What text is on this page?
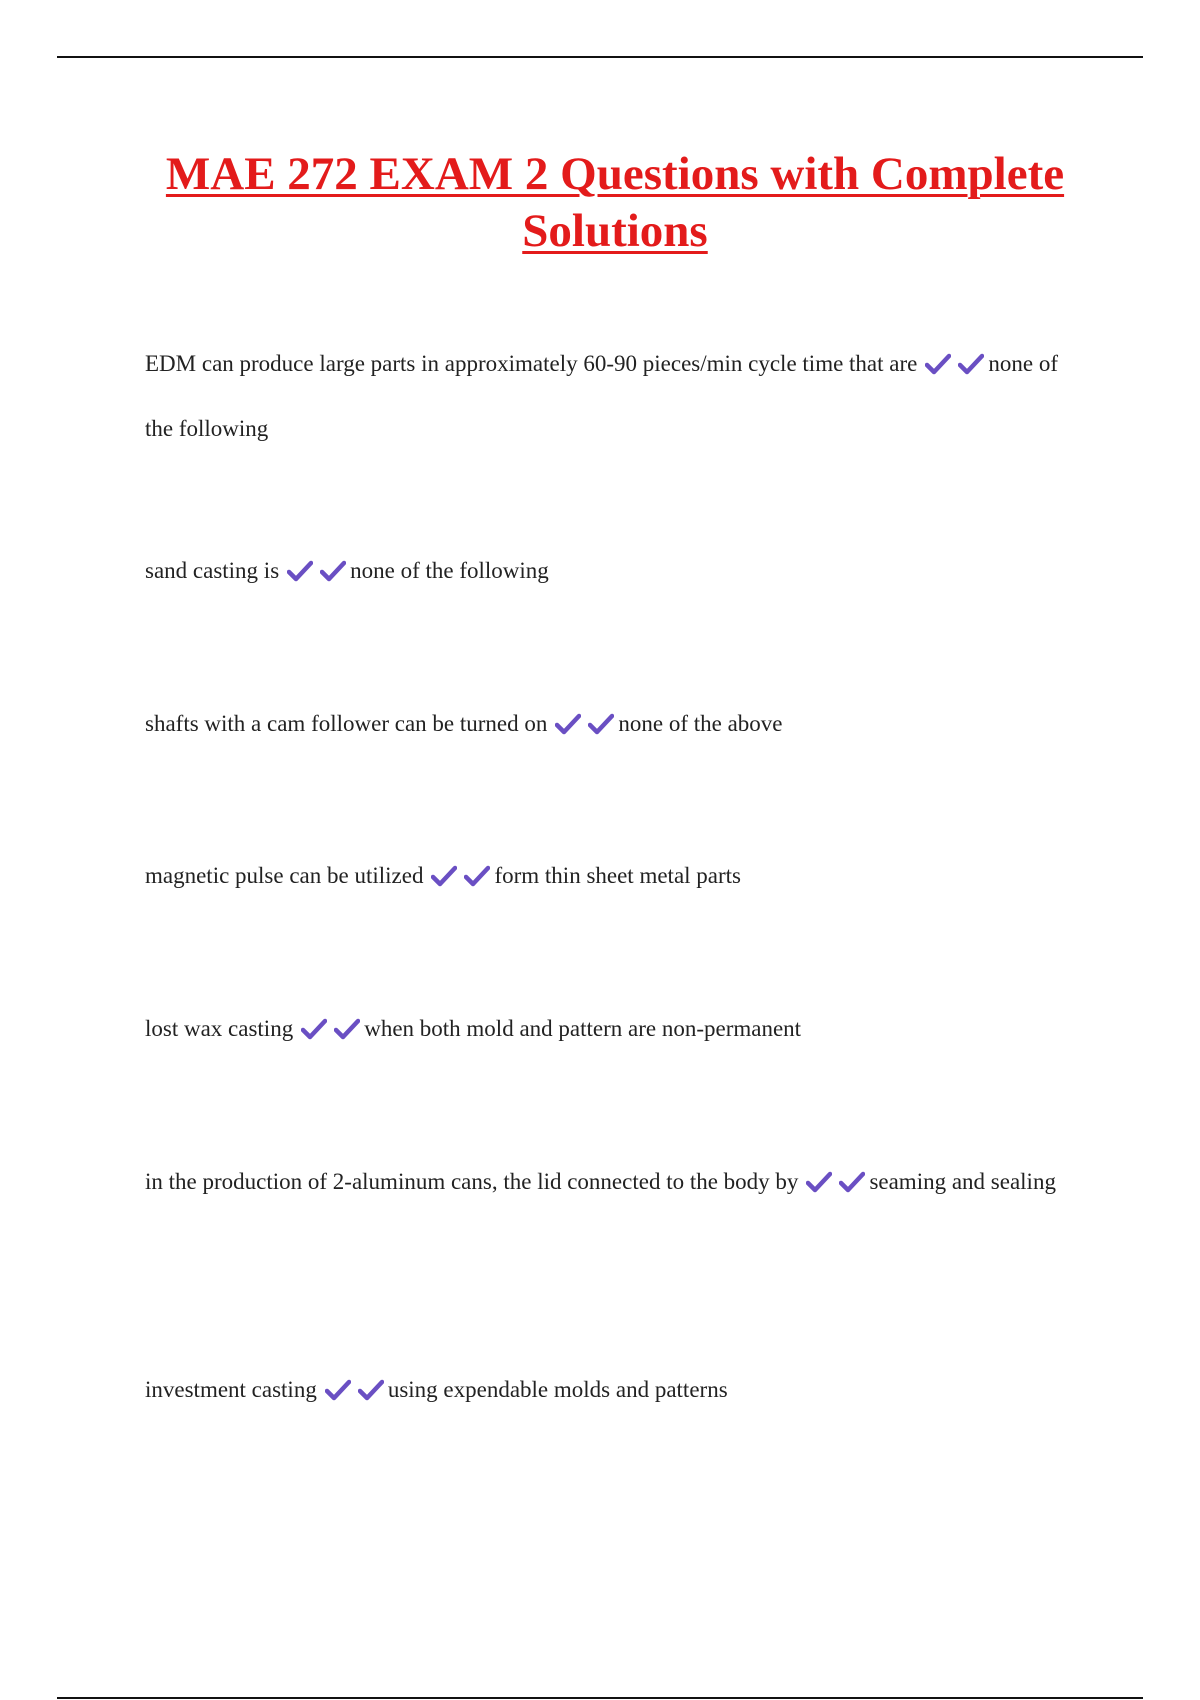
MAE 272 EXAM 2 Questions with Complete Solutions

EDM can produce large parts in approximately 60-90 pieces/min cycle time that are	none of the following

sand casting is	none of the following

shafts with a cam follower can be turned on	none of the above

magnetic pulse can be utilized	form thin sheet metal parts

lost wax casting	when both mold and pattern are non-permanent

in the production of 2-aluminum cans, the lid connected to the body by	seaming and sealing

investment casting	using expendable molds and patterns
